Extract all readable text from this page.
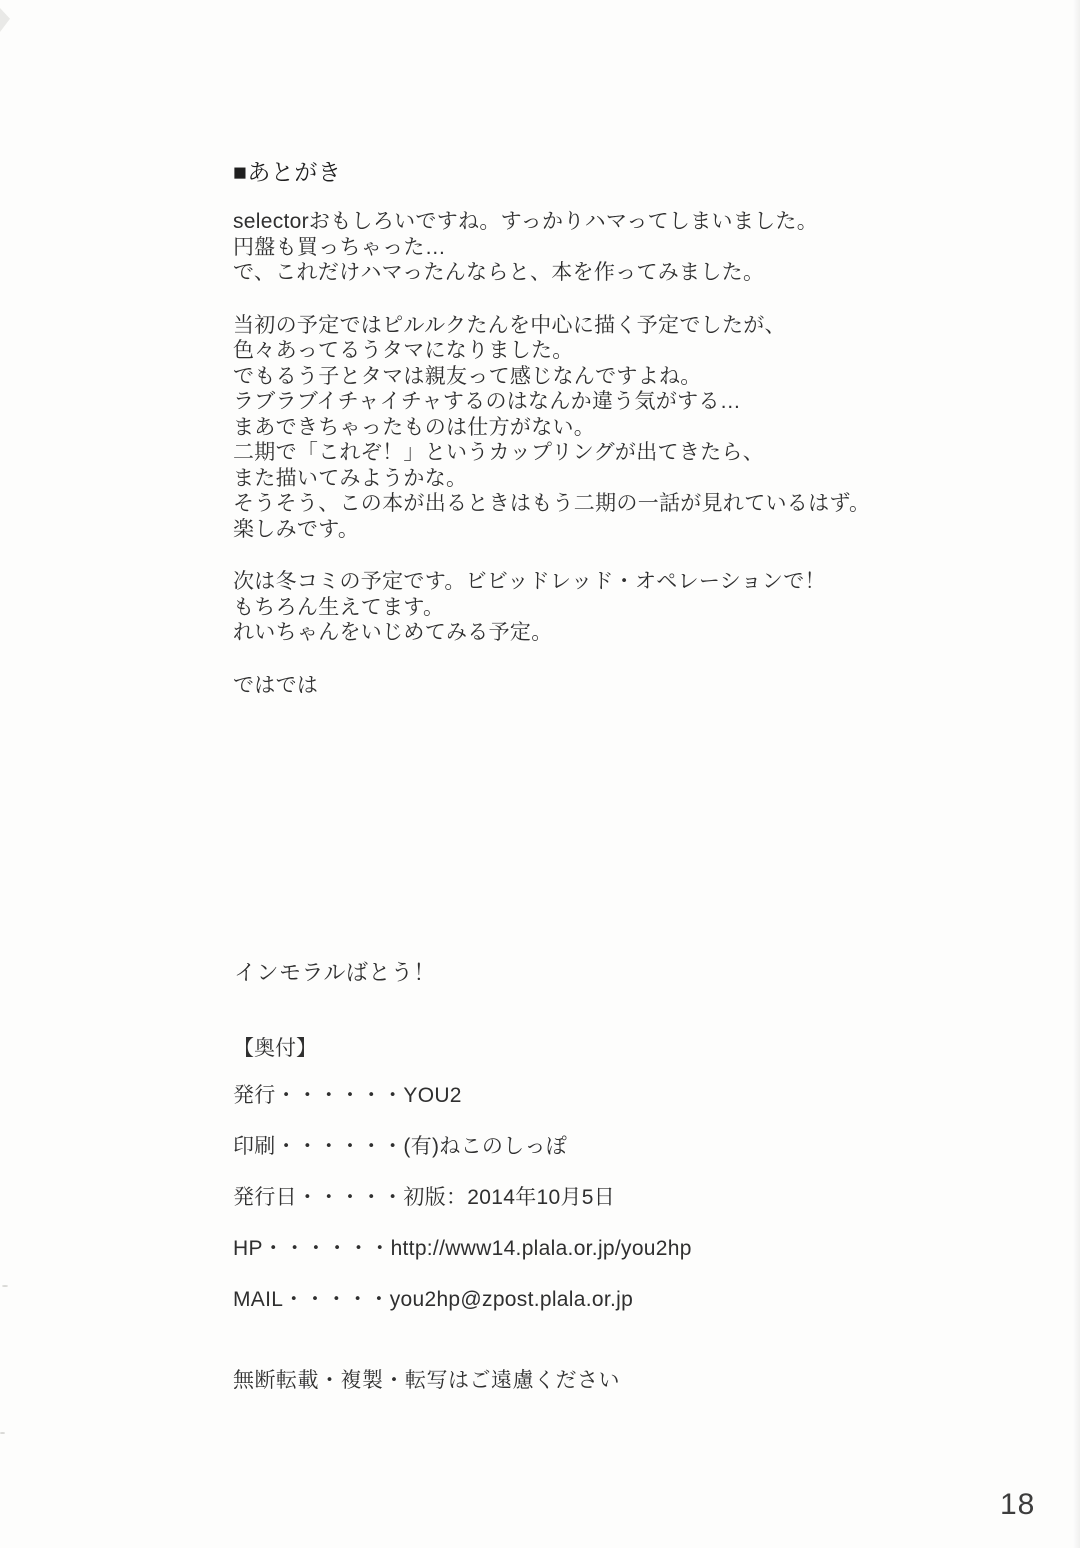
■あとがき
selectorおもしろいですね。すっかりハマってしまいました。
円盤も買っちゃった…
で、これだけハマったんならと、本を作ってみました。
当初の予定ではピルルクたんを中心に描く予定でしたが、
色々あってるうタマになりました。
でもるう子とタマは親友って感じなんですよね。
ラブラブイチャイチャするのはなんか違う気がする…
まあできちゃったものは仕方がない。
二期で「これぞ！」というカップリングが出てきたら、
また描いてみようかな。
そうそう、この本が出るときはもう二期の一話が見れているはず。
楽しみです。
次は冬コミの予定です。ビビッドレッド・オペレーションで！
もちろん生えてます。
れいちゃんをいじめてみる予定。
ではでは
インモラルばとう！
【奥付】
発行・・・・・・YOU2
印刷・・・・・・(有)ねこのしっぽ
発行日・・・・・初版：2014年10月5日
HP・・・・・・http://www14.plala.or.jp/you2hp
MAIL・・・・・you2hp@zpost.plala.or.jp
無断転載・複製・転写はご遠慮ください
18
